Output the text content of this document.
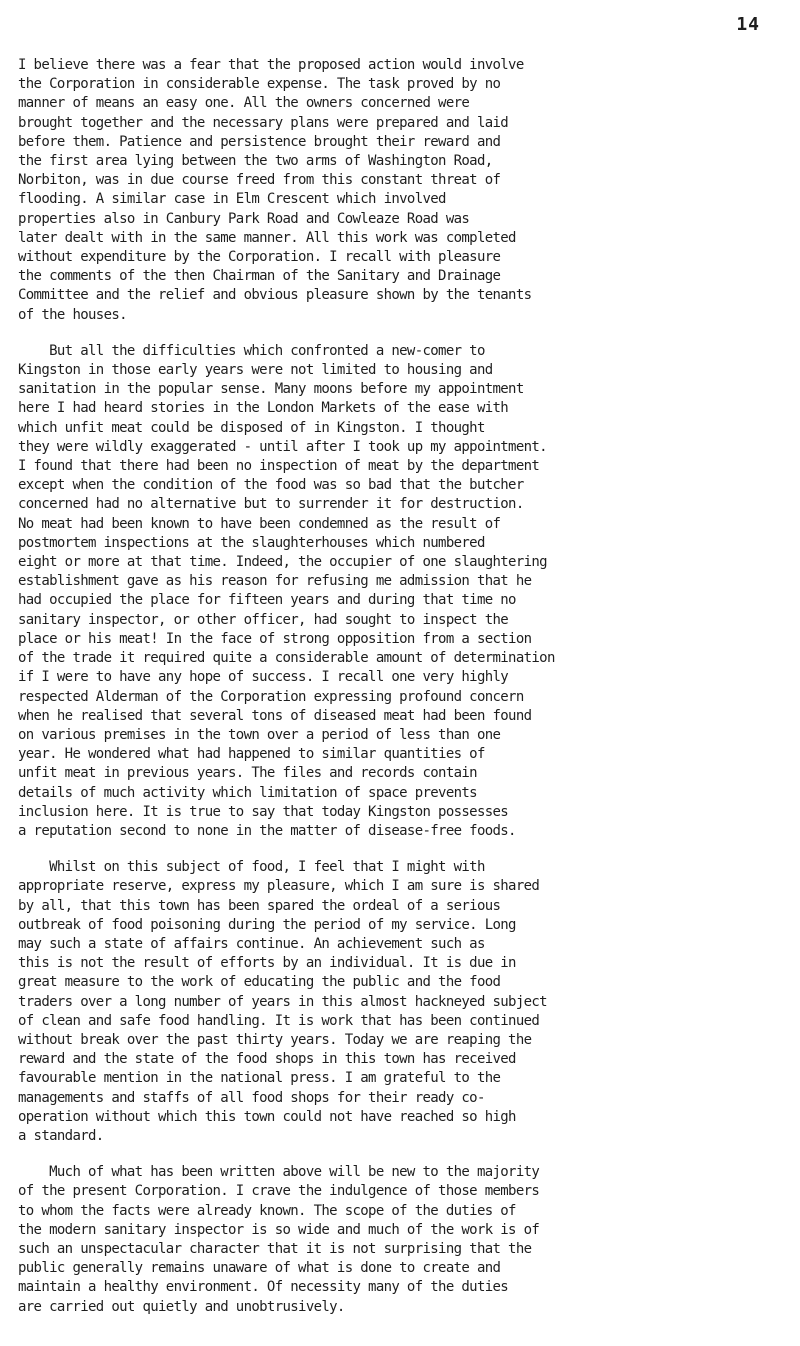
14
I believe there was a fear that the proposed action would involve
the Corporation in considerable expense. The task proved by no
manner of means an easy one. All the owners concerned were
brought together and the necessary plans were prepared and laid
before them. Patience and persistence brought their reward and
the first area lying between the two arms of Washington Road,
Norbiton, was in due course freed from this constant threat of
flooding. A similar case in Elm Crescent which involved
properties also in Canbury Park Road and Cowleaze Road was
later dealt with in the same manner. All this work was completed
without expenditure by the Corporation. I recall with pleasure
the comments of the then Chairman of the Sanitary and Drainage
Committee and the relief and obvious pleasure shown by the tenants
of the houses.
But all the difficulties which confronted a new-comer to
Kingston in those early years were not limited to housing and
sanitation in the popular sense. Many moons before my appointment
here I had heard stories in the London Markets of the ease with
which unfit meat could be disposed of in Kingston. I thought
they were wildly exaggerated - until after I took up my appointment.
I found that there had been no inspection of meat by the department
except when the condition of the food was so bad that the butcher
concerned had no alternative but to surrender it for destruction.
No meat had been known to have been condemned as the result of
postmortem inspections at the slaughterhouses which numbered
eight or more at that time. Indeed, the occupier of one slaughtering
establishment gave as his reason for refusing me admission that he
had occupied the place for fifteen years and during that time no
sanitary inspector, or other officer, had sought to inspect the
place or his meat! In the face of strong opposition from a section
of the trade it required quite a considerable amount of determination
if I were to have any hope of success. I recall one very highly
respected Alderman of the Corporation expressing profound concern
when he realised that several tons of diseased meat had been found
on various premises in the town over a period of less than one
year. He wondered what had happened to similar quantities of
unfit meat in previous years. The files and records contain
details of much activity which limitation of space prevents
inclusion here. It is true to say that today Kingston possesses
a reputation second to none in the matter of disease-free foods.
Whilst on this subject of food, I feel that I might with
appropriate reserve, express my pleasure, which I am sure is shared
by all, that this town has been spared the ordeal of a serious
outbreak of food poisoning during the period of my service. Long
may such a state of affairs continue. An achievement such as
this is not the result of efforts by an individual. It is due in
great measure to the work of educating the public and the food
traders over a long number of years in this almost hackneyed subject
of clean and safe food handling. It is work that has been continued
without break over the past thirty years. Today we are reaping the
reward and the state of the food shops in this town has received
favourable mention in the national press. I am grateful to the
managements and staffs of all food shops for their ready co-
operation without which this town could not have reached so high
a standard.
Much of what has been written above will be new to the majority
of the present Corporation. I crave the indulgence of those members
to whom the facts were already known. The scope of the duties of
the modern sanitary inspector is so wide and much of the work is of
such an unspectacular character that it is not surprising that the
public generally remains unaware of what is done to create and
maintain a healthy environment. Of necessity many of the duties
are carried out quietly and unobtrusively.
